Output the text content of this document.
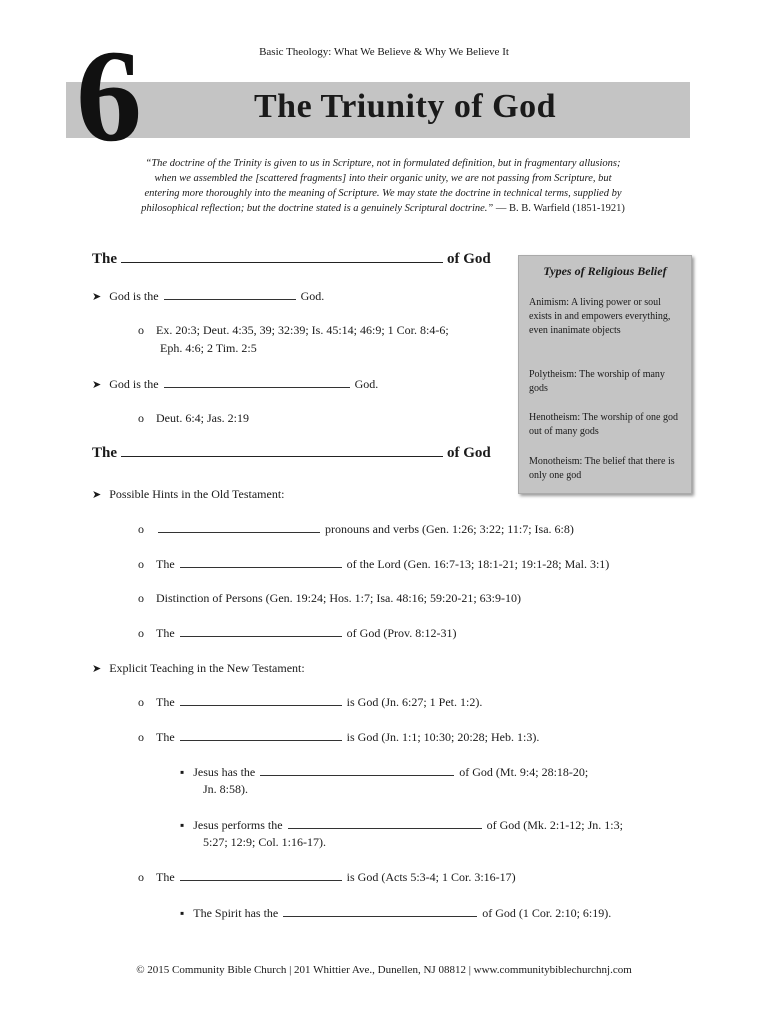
Basic Theology: What We Believe & Why We Believe It
6	The Triunity of God
“The doctrine of the Trinity is given to us in Scripture, not in formulated definition, but in fragmentary allusions; when we assembled the [scattered fragments] into their organic unity, we are not passing from Scripture, but entering more thoroughly into the meaning of Scripture. We may state the doctrine in technical terms, supplied by philosophical reflection; but the doctrine stated is a genuinely Scriptural doctrine.” — B. B. Warfield (1851-1921)
The	of God
➤ God is the	God.
o Ex. 20:3; Deut. 4:35, 39; 32:39; Is. 45:14; 46:9; 1 Cor. 8:4-6;
Eph. 4:6; 2 Tim. 2:5
➤ God is the	God.
o Deut. 6:4; Jas. 2:19
The	of God
➤ Possible Hints in the Old Testament:
o	pronouns and verbs (Gen. 1:26; 3:22; 11:7; Isa. 6:8)
o The	of the Lord (Gen. 16:7-13; 18:1-21; 19:1-28; Mal. 3:1)
o Distinction of Persons (Gen. 19:24; Hos. 1:7; Isa. 48:16; 59:20-21; 63:9-10)
o The	of God (Prov. 8:12-31)
➤ Explicit Teaching in the New Testament:
o The	is God (Jn. 6:27; 1 Pet. 1:2).
o The	is God (Jn. 1:1; 10:30; 20:28; Heb. 1:3).
▪ Jesus has the	of God (Mt. 9:4; 28:18-20;
Jn. 8:58).
▪ Jesus performs the	of God (Mk. 2:1-12; Jn. 1:3;
5:27; 12:9; Col. 1:16-17).
o The	is God (Acts 5:3-4; 1 Cor. 3:16-17)
▪ The Spirit has the	of God (1 Cor. 2:10; 6:19).
Types of Religious Belief
Animism: A living power or soul exists in and empowers everything, even inanimate objects
Polytheism: The worship of many gods
Henotheism: The worship of one god out of many gods
Monotheism: The belief that there is only one god
© 2015 Community Bible Church | 201 Whittier Ave., Dunellen, NJ 08812 | www.communitybiblechurchnj.com
